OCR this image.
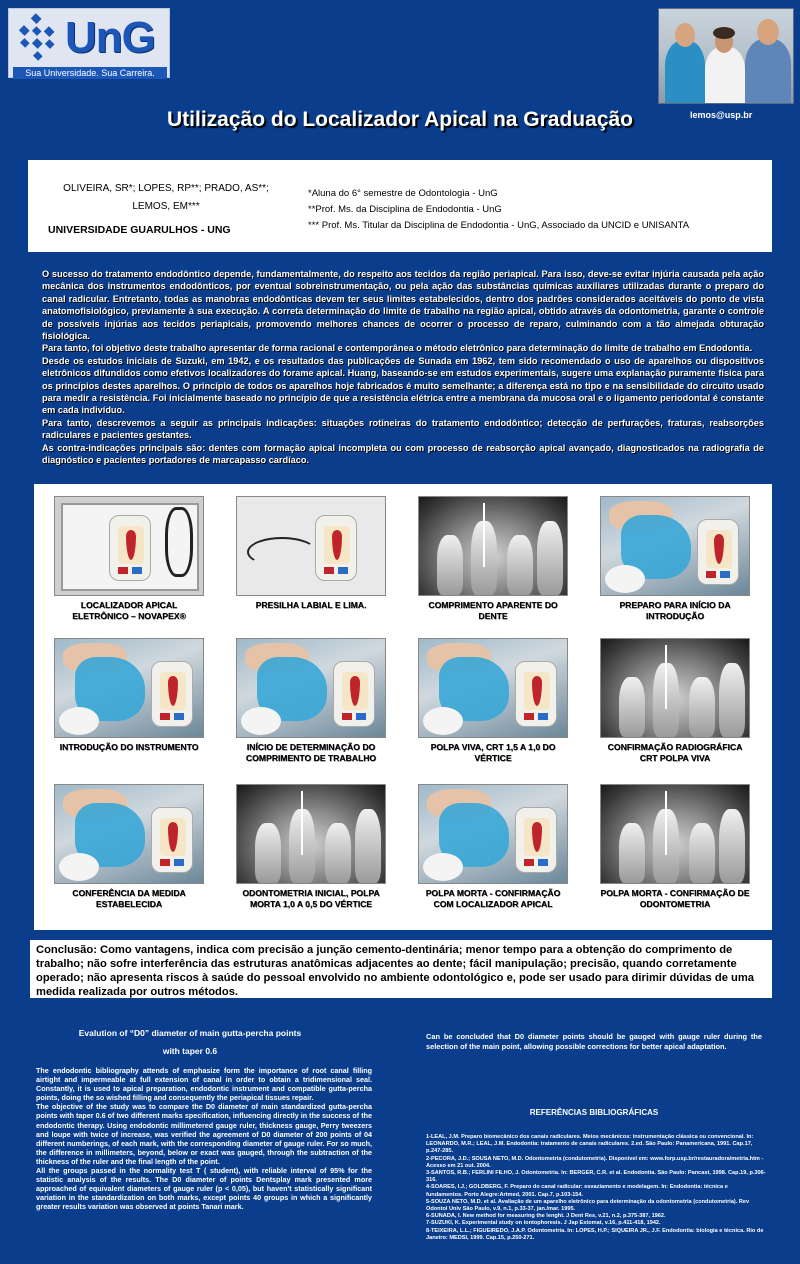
UnG
Sua Universidade. Sua Carreira.
Utilização do Localizador Apical na Graduação	lemos@usp.br
OLIVEIRA, SR*; LOPES, RP**; PRADO, AS**;
LEMOS, EM***
UNIVERSIDADE GUARULHOS - UNG
*Aluna do 6° semestre de Odontologia - UnG
**Prof. Ms. da Disciplina de Endodontia - UnG
*** Prof. Ms. Titular da Disciplina de Endodontia - UnG, Associado da UNCID e UNISANTA

O sucesso do tratamento endodôntico depende, fundamentalmente, do respeito aos tecidos da região periapical. Para isso, deve-se evitar injúria causada pela ação mecânica dos instrumentos endodônticos, por eventual sobreinstrumentação, ou pela ação das substâncias químicas auxiliares utilizadas durante o preparo do canal radicular. Entretanto, todas as manobras endodônticas devem ter seus limites estabelecidos, dentro dos padrões considerados aceitáveis do ponto de vista anatomofisiológico, previamente à sua execução. A correta determinação do limite de trabalho na região apical, obtido através da odontometria, garante o controle de possíveis injúrias aos tecidos periapicais, promovendo melhores chances de ocorrer o processo de reparo, culminando com a tão almejada obturação fisiológica.

Para tanto, foi objetivo deste trabalho apresentar de forma racional e contemporânea o método eletrônico para determinação do limite de trabalho em Endodontia.

Desde os estudos iniciais de Suzuki, em 1942, e os resultados das publicações de Sunada em 1962, tem sido recomendado o uso de aparelhos ou dispositivos eletrônicos difundidos como efetivos localizadores do forame apical. Huang, baseando-se em estudos experimentais, sugere uma explanação puramente física para os princípios destes aparelhos. O princípio de todos os aparelhos hoje fabricados é muito semelhante; a diferença está no tipo e na sensibilidade do circuito usado para medir a resistência. Foi inicialmente baseado no princípio de que a resistência elétrica entre a membrana da mucosa oral e o ligamento periodontal é constante em cada indivíduo.

Para tanto, descrevemos a seguir as principais indicações: situações rotineiras do tratamento endodôntico; detecção de perfurações, fraturas, reabsorções radiculares e pacientes gestantes.

As contra-indicações principais são: dentes com formação apical incompleta ou com processo de reabsorção apical avançado, diagnosticados na radiografia de diagnóstico e pacientes portadores de marcapasso cardíaco.

LOCALIZADOR APICAL ELETRÔNICO – NOVAPEX®
PRESILHA LABIAL E LIMA.	COMPRIMENTO APARENTE DO DENTE
PREPARO PARA INÍCIO DA INTRODUÇÃO
INTRODUÇÃO DO INSTRUMENTO	INÍCIO DE DETERMINAÇÃO DO COMPRIMENTO DE TRABALHO
POLPA VIVA, CRT 1,5 A 1,0 DO VÉRTICE
CONFIRMAÇÃO RADIOGRÁFICA CRT POLPA VIVA
CONFERÊNCIA DA MEDIDA ESTABELECIDA
ODONTOMETRIA INICIAL, POLPA MORTA 1,0 A 0,5 DO VÉRTICE
POLPA MORTA - CONFIRMAÇÃO COM LOCALIZADOR APICAL
POLPA MORTA - CONFIRMAÇÃO DE ODONTOMETRIA
Conclusão: Como vantagens, indica com precisão a junção cemento-dentinária; menor tempo para a obtenção do comprimento de trabalho; não sofre interferência das estruturas anatômicas adjacentes ao dente; fácil manipulação; precisão, quando corretamente operado; não apresenta riscos à saúde do pessoal envolvido no ambiente odontológico e, pode ser usado para dirimir dúvidas de uma medida realizada por outros métodos.
Evalution of “D0” diameter of main gutta-percha points
with taper 0.6

The endodontic bibliography attends of emphasize form the importance of root canal filling airtight and impermeable at full extension of canal in order to obtain a tridimensional seal. Constantly, it is used to apical preparation, endodontic instrument and compatible gutta-percha points, doing the so wished filling and consequently the periapical tissues repair.

The objective of the study was to compare the D0 diameter of main standardized gutta-percha points with taper 0.6 of two different marks specification, influencing directly in the success of the endodontic therapy. Using endodontic millimetered gauge ruler, thickness gauge, Perry tweezers and loupe with twice of increase, was verified the agreement of D0 diameter of 200 points of 04 different numberings, of each mark, with the corresponding diameter of gauge ruler. For so much, the difference in millimeters, beyond, below or exact was gauged, through the subtraction of the thickness of the ruler and the final length of the point.

All the groups passed in the normality test T ( student), with reliable interval of 95% for the statistic analysis of the results. The D0 diameter of points Dentsplay mark presented more approached of equivalent diameters of gauge ruler (p < 0,05), but haven't statistically significant variation in the standardization on both marks, except points 40 groups in which a significantly greater results variation was observed at points Tanari mark.

Can be concluded that D0 diameter points should be gauged with gauge ruler during the selection of the main point, allowing possible corrections for better apical adaptation.
REFERÊNCIAS BIBLIOGRÁFICAS

1-LEAL, J.M. Preparo biomecânico dos canais radiculares. Meios mecânicos: instrumentação clássica ou convencional. In: LEONARDO, M.R.; LEAL, J.M. Endodontia: tratamento de canais radiculares. 2.ed. São Paulo: Panamericana, 1991. Cap.17, p.247-285.

2-PECORA, J.D.; SOUSA NETO, M.D. Odontometria (condutometria). Disponível em: www.forp.usp.br/restauradora/metria.htm - Acesso em 21 out. 2004.

3-SANTOS, R.B.; FERLINI FILHO, J. Odontometria. In: BERGER, C.R. et al. Endodontia. São Paulo: Pancast, 1998. Cap.19, p.306-316.

4-SOARES, I.J.; GOLDBERG, F. Preparo do canal radicular: esvaziamento e modelagem. In: Endodontia: técnica e fundamentos. Porto Alegre:Artmed, 2001. Cap.7, p.103-154.

5-SOUZA NETO, M.D. et al. Avaliação de um aparelho eletrônico para determinação da odontometria (condutometria). Rev Odontol Univ São Paulo, v.9, n.1, p.33-37, jan./mar. 1995.

6-SUNADA, I. New method for measuring the lenght. J Dent Res, v.21, n.2, p.375-387, 1962.

7-SUZUKI, K. Experimental study on iontophoresis. J Jap Estomat, v.16, p.411-418, 1942.

8-TEIXEIRA, L.L.; FIGUEIREDO, J.A.P. Odontometria. In: LOPES, H.P.; SIQUEIRA JR., J.F. Endodontia: biologia e técnica. Rio de Janeiro: MEDSI, 1999. Cap.15, p.250-271.
